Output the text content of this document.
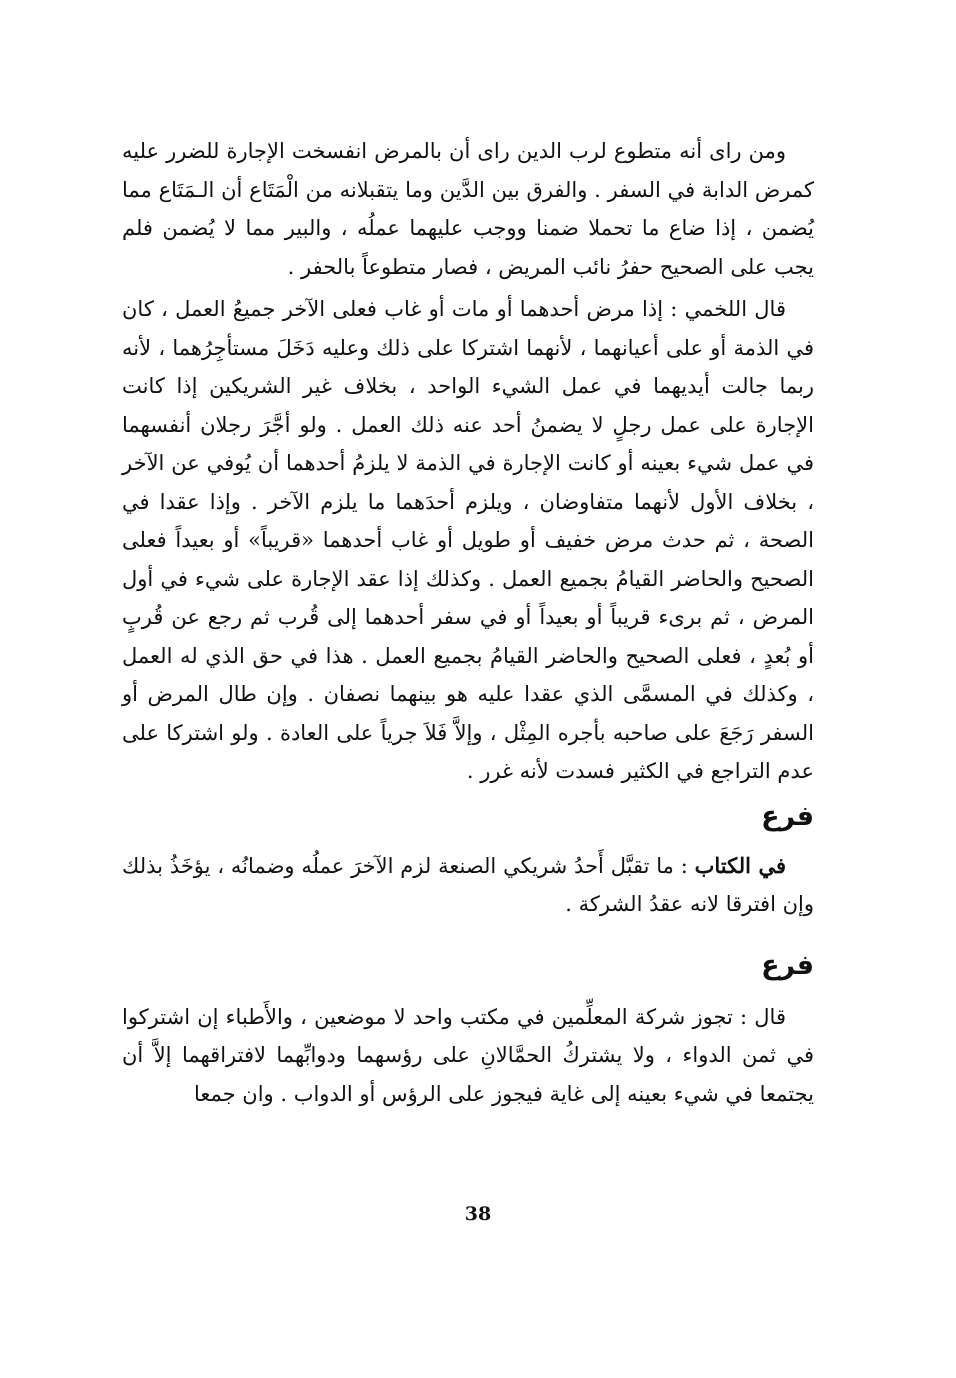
ومن راى أنه متطوع لرب الدين راى أن بالمرض انفسخت الإجارة للضرر عليه كمرض الدابة في السفر . والفرق بين الدَّين وما يتقبلانه من الْمَتَاع أن الـمَتَاع مما يُضمن ، إذا ضاع ما تحملا ضمنا ووجب عليهما عملُه ، والبير مما لا يُضمن فلم يجب على الصحيح حفرُ نائب المريض ، فصار متطوعاً بالحفر .

قال اللخمي : إذا مرض أحدهما أو مات أو غاب فعلى الآخر جميعُ العمل ، كان في الذمة أو على أعيانهما ، لأنهما اشتركا على ذلك وعليه دَخَلَ مستأجِرُهما ، لأنه ربما جالت أيديهما في عمل الشيء الواحد ، بخلاف غير الشريكين إذا كانت الإجارة على عمل رجلٍ لا يضمنُ أحد عنه ذلك العمل . ولو أجَّرَ رجلان أنفسهما في عمل شيء بعينه أو كانت الإجارة في الذمة لا يلزمُ أحدهما أن يُوفي عن الآخر ، بخلاف الأول لأنهما متفاوضان ، ويلزم أحدَهما ما يلزم الآخر . وإذا عقدا في الصحة ، ثم حدث مرض خفيف أو طويل أو غاب أحدهما «قريباً» أو بعيداً فعلى الصحيح والحاضر القيامُ بجميع العمل . وكذلك إذا عقد الإجارة على شيء في أول المرض ، ثم برىء قريباً أو بعيداً أو في سفر أحدهما إلى قُرب ثم رجع عن قُربٍ أو بُعدٍ ، فعلى الصحيح والحاضر القيامُ بجميع العمل . هذا في حق الذي له العمل ، وكذلك في المسمَّى الذي عقدا عليه هو بينهما نصفان . وإن طال المرض أو السفر رَجَعَ على صاحبه بأجره المِثْل ، وإلاَّ فَلاَ جرياً على العادة . ولو اشتركا على عدم التراجع في الكثير فسدت لأنه غرر .

فرع

في الكتاب : ما تقبَّل أَحدُ شريكي الصنعة لزم الآخرَ عملُه وضمانُه ، يؤخَذُ بذلك وإن افترقا لانه عقدُ الشركة .

فرع

قال : تجوز شركة المعلِّمين في مكتب واحد لا موضعين ، والأَطباء إن اشتركوا في ثمن الدواء ، ولا يشتركُ الحمَّالانِ على رؤسهما ودوابِّهما لافتراقهما إلاَّ أن يجتمعا في شيء بعينه إلى غاية فيجوز على الرؤس أو الدواب . وان جمعا

38
